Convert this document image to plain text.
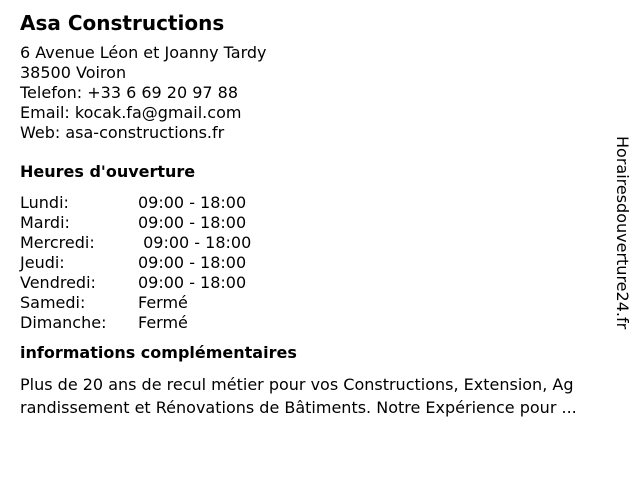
Asa Constructions
6 Avenue Léon et Joanny Tardy
38500 Voiron
Telefon: +33 6 69 20 97 88
Email: kocak.fa@gmail.com
Web: asa-constructions.fr
Heures d'ouverture
Lundi:	09:00 - 18:00
Mardi:	09:00 - 18:00
Mercredi:	09:00 - 18:00
Jeudi:	09:00 - 18:00
Vendredi:	09:00 - 18:00
Samedi:	Fermé
Dimanche:	Fermé
informations complémentaires
Plus de 20 ans de recul métier pour vos Constructions, Extension, Ag
randissement et Rénovations de Bâtiments. Notre Expérience pour ...
Horairesdouverture24.fr
